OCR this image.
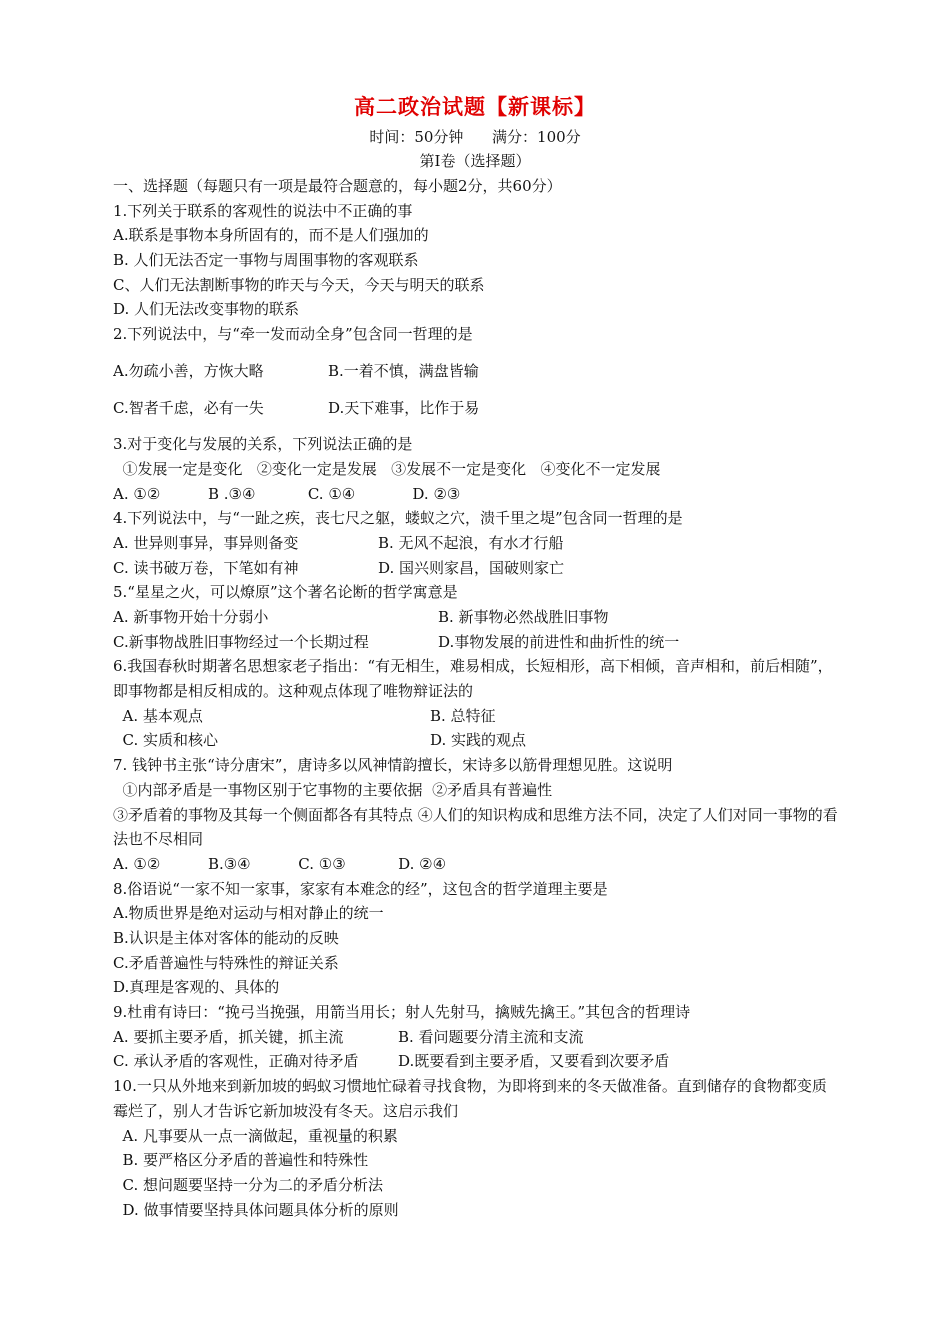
高二政治试题【新课标】
时间：50分钟      满分：100分
第Ⅰ卷（选择题）
一、选择题（每题只有一项是最符合题意的，每小题2分，共60分）
1.下列关于联系的客观性的说法中不正确的事
A.联系是事物本身所固有的，而不是人们强加的
B. 人们无法否定一事物与周围事物的客观联系
C、人们无法割断事物的昨天与今天，今天与明天的联系
D. 人们无法改变事物的联系
2.下列说法中，与“牵一发而动全身”包含同一哲理的是
A.勿疏小善，方恢大略	B.一着不慎，满盘皆输
C.智者千虑，必有一失	D.天下难事，比作于易
3.对于变化与发展的关系，下列说法正确的是
①发展一定是变化   ②变化一定是发展   ③发展不一定是变化   ④变化不一定发展
A. ①②          B .③④           C. ①④            D. ②③
4.下列说法中，与“一趾之疾，丧七尺之躯，蝼蚁之穴，溃千里之堤”包含同一哲理的是
A. 世异则事异，事异则备变	B. 无风不起浪，有水才行船
C. 读书破万卷，下笔如有神	D. 国兴则家昌，国破则家亡
5.“星星之火，可以燎原”这个著名论断的哲学寓意是
A. 新事物开始十分弱小	B. 新事物必然战胜旧事物
C.新事物战胜旧事物经过一个长期过程	D.事物发展的前进性和曲折性的统一
6.我国春秋时期著名思想家老子指出：“有无相生，难易相成，长短相形，高下相倾，音声相和，前后相随”，即事物都是相反相成的。这种观点体现了唯物辩证法的
A. 基本观点	B. 总特征
C. 实质和核心	D. 实践的观点
7. 钱钟书主张“诗分唐宋”，唐诗多以风神情韵擅长，宋诗多以筋骨理想见胜。这说明
①内部矛盾是一事物区别于它事物的主要依据  ②矛盾具有普遍性
③矛盾着的事物及其每一个侧面都各有其特点 ④人们的知识构成和思维方法不同，决定了人们对同一事物的看法也不尽相同
A. ①②          B.③④          C. ①③           D. ②④
8.俗语说“一家不知一家事，家家有本难念的经”，这包含的哲学道理主要是
A.物质世界是绝对运动与相对静止的统一
B.认识是主体对客体的能动的反映
C.矛盾普遍性与特殊性的辩证关系
D.真理是客观的、具体的
9.杜甫有诗曰：“挽弓当挽强，用箭当用长；射人先射马，擒贼先擒王。”其包含的哲理诗
A. 要抓主要矛盾，抓关键，抓主流	B. 看问题要分清主流和支流
C. 承认矛盾的客观性，正确对待矛盾	D.既要看到主要矛盾，又要看到次要矛盾
10.一只从外地来到新加坡的蚂蚁习惯地忙碌着寻找食物，为即将到来的冬天做准备。直到储存的食物都变质霉烂了，别人才告诉它新加坡没有冬天。这启示我们
A. 凡事要从一点一滴做起，重视量的积累
B. 要严格区分矛盾的普遍性和特殊性
C. 想问题要坚持一分为二的矛盾分析法
D. 做事情要坚持具体问题具体分析的原则
